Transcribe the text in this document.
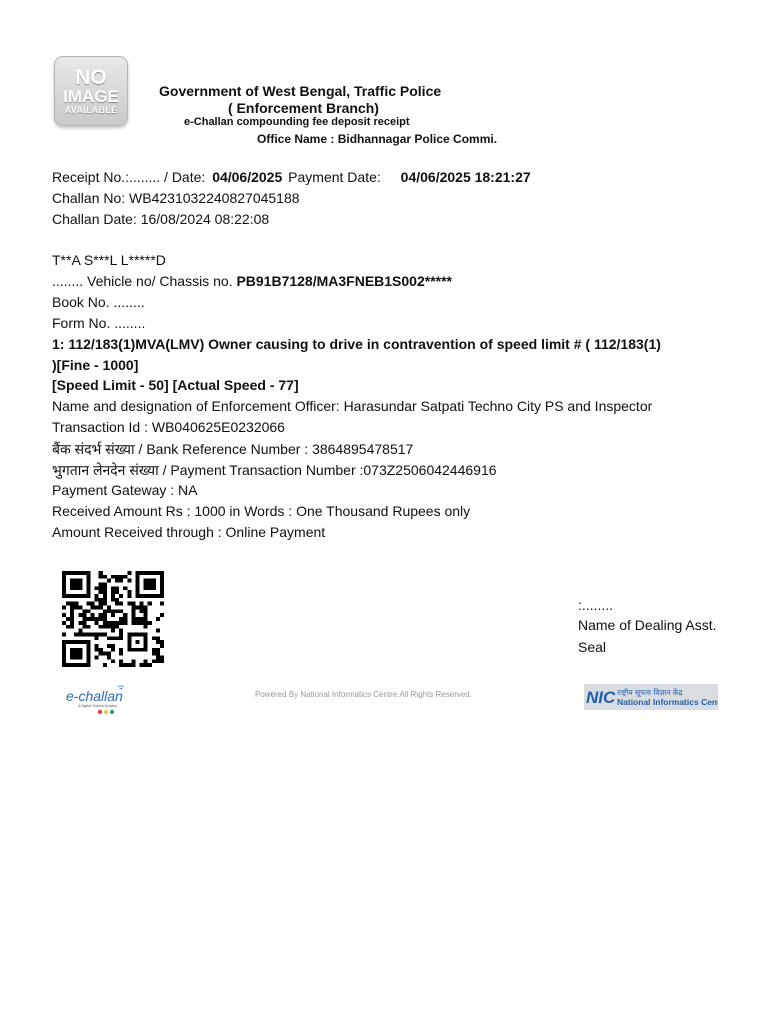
NO
IMAGE
AVAILABLE
Government of West Bengal, Traffic Police
( Enforcement Branch)
e-Challan compounding fee deposit receipt
Office Name : Bidhannagar Police Commi.
Receipt No.:........ / Date: 04/06/2025 Payment Date: 04/06/2025 18:21:27
Challan No: WB4231032240827045188
Challan Date: 16/08/2024 08:22:08
T**A S***L L*****D
........ Vehicle no/ Chassis no. PB91B7128/MA3FNEB1S002*****
Book No. ........
Form No. ........
1: 112/183(1)MVA(LMV) Owner causing to drive in contravention of speed limit # ( 112/183(1)
)[Fine - 1000]
[Speed Limit - 50] [Actual Speed - 77]
Name and designation of Enforcement Officer: Harasundar Satpati Techno City PS and Inspector
Transaction Id : WB040625E0232066
बैंक संदर्भ संख्या / Bank Reference Number : 3864895478517
भुगतान लेनदेन संख्या / Payment Transaction Number :073Z2506042446916
Payment Gateway : NA
Received Amount Rs : 1000 in Words : One Thousand Rupees only
Amount Received through : Online Payment
:........
Name of Dealing Asst.
Seal
e-challan
A Digital Challan Solution
Powered By National Informatics Centre.All Rights Reserved.	NIC राष्ट्रीय सूचना विज्ञान केंद्र
National Informatics Centre
